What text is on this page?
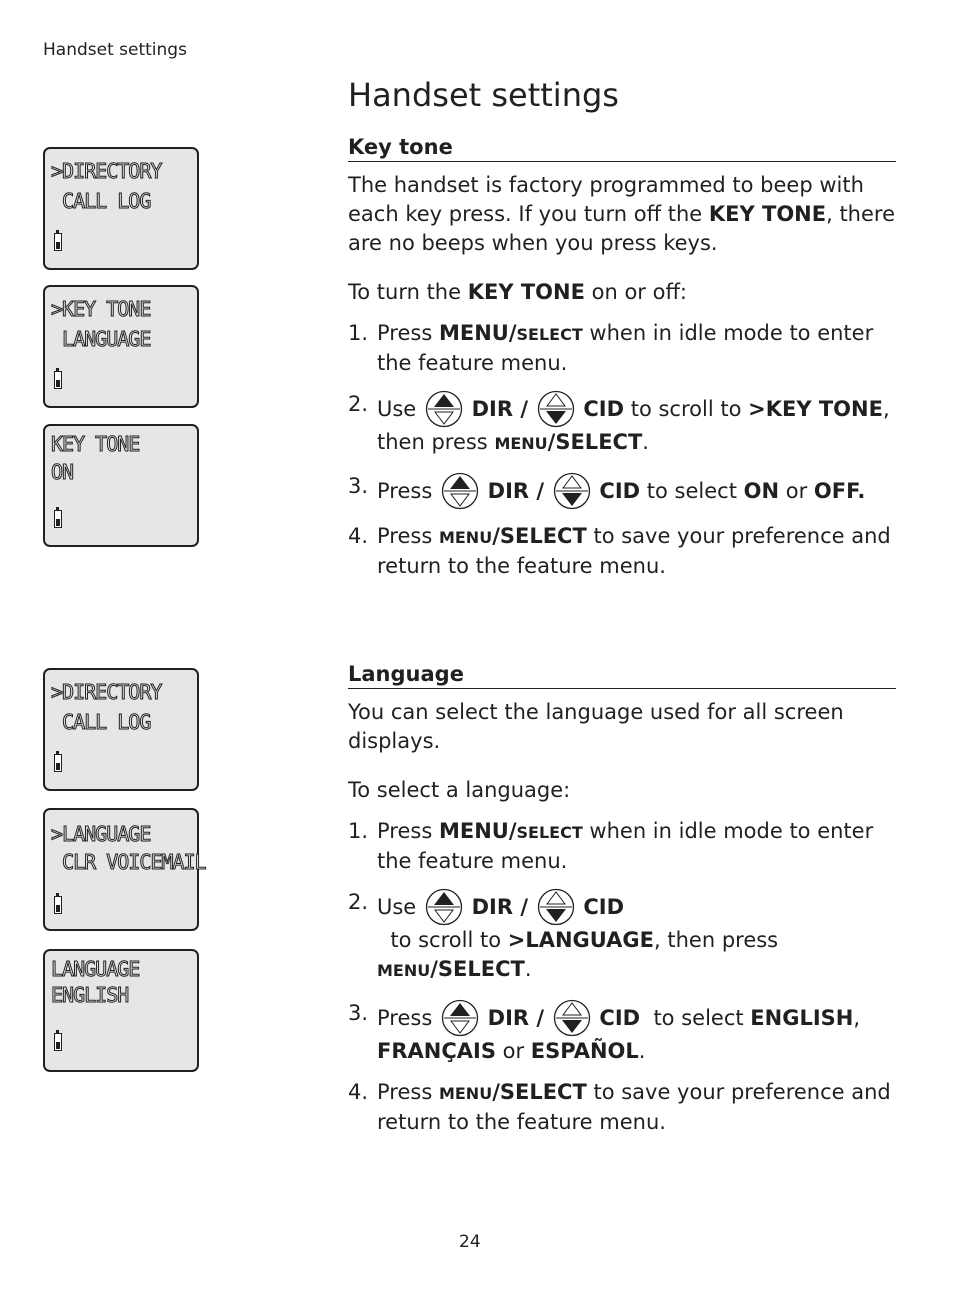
Handset settings
Handset settings
>DIRECTORY
CALL LOG
>KEY TONE
LANGUAGE
KEY TONE
ON
>DIRECTORY
CALL LOG
>LANGUAGE
CLR VOICEMAIL
LANGUAGE
ENGLISH
Key tone

The handset is factory programmed to beep with each key press. If you turn off the KEY TONE, there are no beeps when you press keys.

To turn the KEY TONE on or off:

1. Press MENU/SELECT when in idle mode to enter the feature menu.
2. Use  DIR /	CID to scroll to >KEY TONE, then press MENU/SELECT.
3. Press  DIR /	CID to select ON or OFF.
4. Press MENU/SELECT to save your preference and return to the feature menu.
Language

You can select the language used for all screen displays.

To select a language:

1. Press MENU/SELECT when in idle mode to enter the feature menu.
2. Use  DIR /	CID  to scroll to >LANGUAGE, then press MENU/SELECT.
3. Press  DIR /	CID  to select ENGLISH, FRANÇAIS or ESPAÑOL.
4. Press MENU/SELECT to save your preference and return to the feature menu.
24
